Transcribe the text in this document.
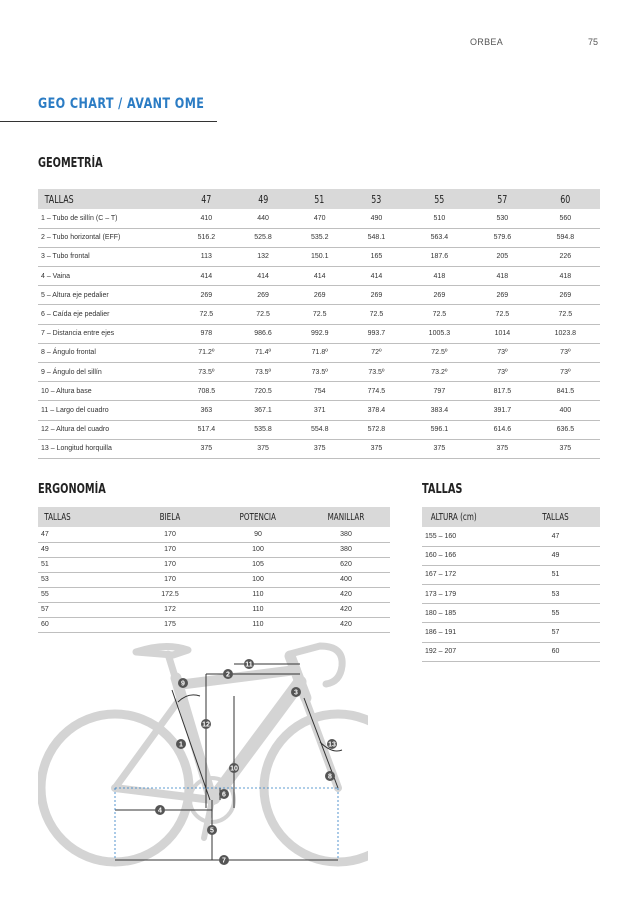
ORBEA	75
GEO CHART / AVANT OME
GEOMETRÍA
TALLAS	47	49	51	53	55	57	60
1 – Tubo de sillín (C – T)	410	440	470	490	510	530	560
2 – Tubo horizontal (EFF)	516.2	525.8	535.2	548.1	563.4	579.6	594.8
3 – Tubo frontal	113	132	150.1	165	187.6	205	226
4 – Vaina	414	414	414	414	418	418	418
5 – Altura eje pedalier	269	269	269	269	269	269	269
6 – Caída eje pedalier	72.5	72.5	72.5	72.5	72.5	72.5	72.5
7 – Distancia entre ejes	978	986.6	992.9	993.7	1005.3	1014	1023.8
8 – Ángulo frontal	71.2º	71.4º	71.8º	72º	72.5º	73º	73º
9 – Ángulo del sillín	73.5º	73.5º	73.5º	73.5º	73.2º	73º	73º
10 – Altura base	708.5	720.5	754	774.5	797	817.5	841.5
11 – Largo del cuadro	363	367.1	371	378.4	383.4	391.7	400
12 – Altura del cuadro	517.4	535.8	554.8	572.8	596.1	614.6	636.5
13 – Longitud horquilla	375	375	375	375	375	375	375
ERGONOMÍA
TALLAS	BIELA	POTENCIA	MANILLAR
47	170	90	380
49	170	100	380
51	170	105	620
53	170	100	400
55	172.5	110	420
57	172	110	420
60	175	110	420
TALLAS
ALTURA (cm)	TALLAS
155 – 160	47
160 – 166	49
167 – 172	51
173 – 179	53
180 – 185	55
186 – 191	57
192 – 207	60
1
2
3
4
5
6
7
8
9
10
11
12
13
